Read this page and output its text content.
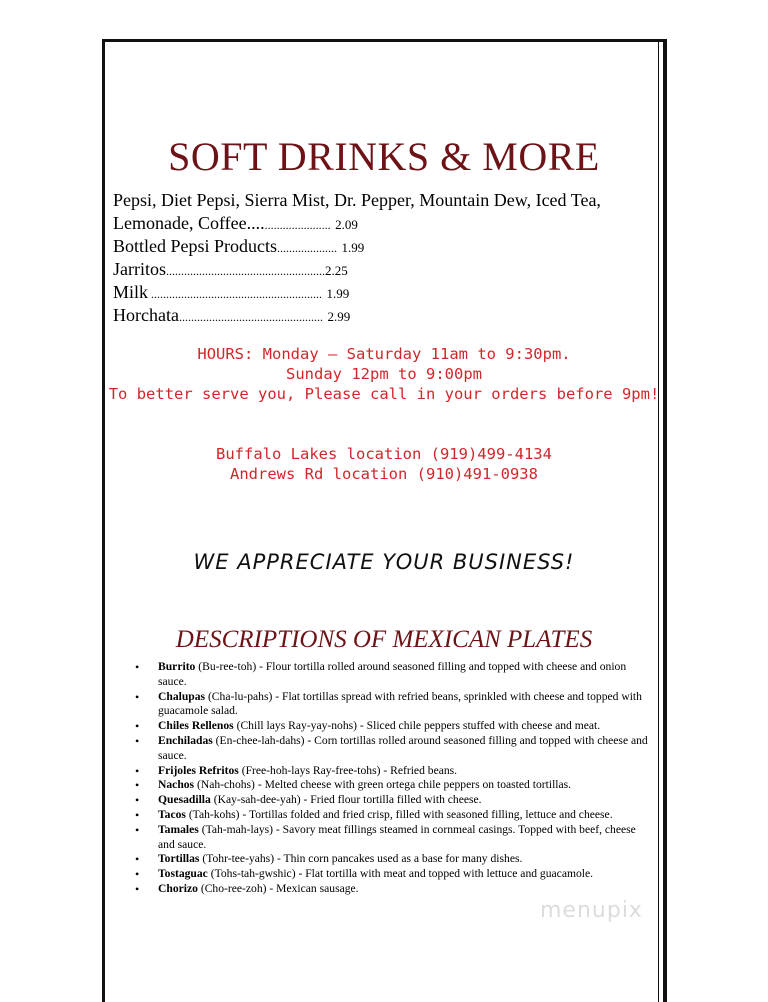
SOFT DRINKS & MORE
Pepsi, Diet Pepsi, Sierra Mist, Dr. Pepper, Mountain Dew, Iced Tea,
Lemonade, Coffee.......................... 2.09
Bottled Pepsi Products.................... 1.99
Jarritos.....................................................2.25
Milk ......................................................... 1.99
Horchata................................................ 2.99
HOURS: Monday – Saturday 11am to 9:30pm.
Sunday 12pm to 9:00pm
To better serve you, Please call in your orders before 9pm!
Buffalo Lakes location (919)499-4134
Andrews Rd location (910)491-0938
WE APPRECIATE YOUR BUSINESS!
DESCRIPTIONS OF MEXICAN PLATES
• Burrito (Bu-ree-toh) - Flour tortilla rolled around seasoned filling and topped with cheese and onion sauce.
• Chalupas (Cha-lu-pahs) - Flat tortillas spread with refried beans, sprinkled with cheese and topped with guacamole salad.
• Chiles Rellenos (Chill lays Ray-yay-nohs) - Sliced chile peppers stuffed with cheese and meat.
• Enchiladas (En-chee-lah-dahs) - Corn tortillas rolled around seasoned filling and topped with cheese and sauce.
• Frijoles Refritos (Free-hoh-lays Ray-free-tohs) - Refried beans.
• Nachos (Nah-chohs) - Melted cheese with green ortega chile peppers on toasted tortillas.
• Quesadilla (Kay-sah-dee-yah) - Fried flour tortilla filled with cheese.
• Tacos (Tah-kohs) - Tortillas folded and fried crisp, filled with seasoned filling, lettuce and cheese.
• Tamales (Tah-mah-lays) - Savory meat fillings steamed in cornmeal casings. Topped with beef, cheese and sauce.
• Tortillas (Tohr-tee-yahs) - Thin corn pancakes used as a base for many dishes.
• Tostaguac (Tohs-tah-gwshic) - Flat tortilla with meat and topped with lettuce and guacamole.
• Chorizo (Cho-ree-zoh) - Mexican sausage.
menupix
